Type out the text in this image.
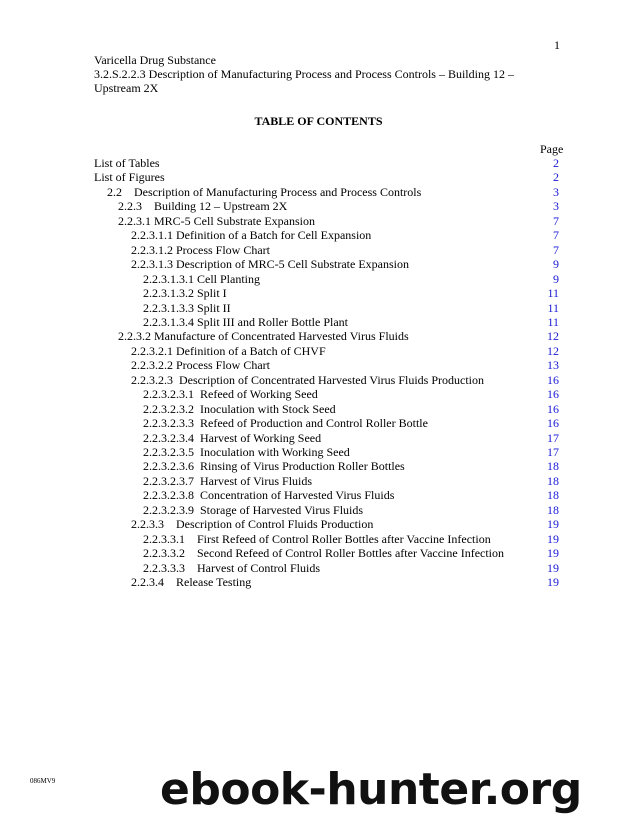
1
Varicella Drug Substance
3.2.S.2.2.3 Description of Manufacturing Process and Process Controls – Building 12 –
Upstream 2X
TABLE OF CONTENTS
Page
List of Tables	2
List of Figures	2
2.2    Description of Manufacturing Process and Process Controls	3
2.2.3    Building 12 – Upstream 2X	3
2.2.3.1 MRC-5 Cell Substrate Expansion	7
2.2.3.1.1 Definition of a Batch for Cell Expansion	7
2.2.3.1.2 Process Flow Chart	7
2.2.3.1.3 Description of MRC-5 Cell Substrate Expansion	9
2.2.3.1.3.1 Cell Planting	9
2.2.3.1.3.2 Split I	11
2.2.3.1.3.3 Split II	11
2.2.3.1.3.4 Split III and Roller Bottle Plant	11
2.2.3.2 Manufacture of Concentrated Harvested Virus Fluids	12
2.2.3.2.1 Definition of a Batch of CHVF	12
2.2.3.2.2 Process Flow Chart	13
2.2.3.2.3  Description of Concentrated Harvested Virus Fluids Production	16
2.2.3.2.3.1  Refeed of Working Seed	16
2.2.3.2.3.2  Inoculation with Stock Seed	16
2.2.3.2.3.3  Refeed of Production and Control Roller Bottle	16
2.2.3.2.3.4  Harvest of Working Seed	17
2.2.3.2.3.5  Inoculation with Working Seed	17
2.2.3.2.3.6  Rinsing of Virus Production Roller Bottles	18
2.2.3.2.3.7  Harvest of Virus Fluids	18
2.2.3.2.3.8  Concentration of Harvested Virus Fluids	18
2.2.3.2.3.9  Storage of Harvested Virus Fluids	18
2.2.3.3    Description of Control Fluids Production	19
2.2.3.3.1    First Refeed of Control Roller Bottles after Vaccine Infection	19
2.2.3.3.2    Second Refeed of Control Roller Bottles after Vaccine Infection	19
2.2.3.3.3    Harvest of Control Fluids	19
2.2.3.4    Release Testing	19
086MV9 ebook-hunter.org
